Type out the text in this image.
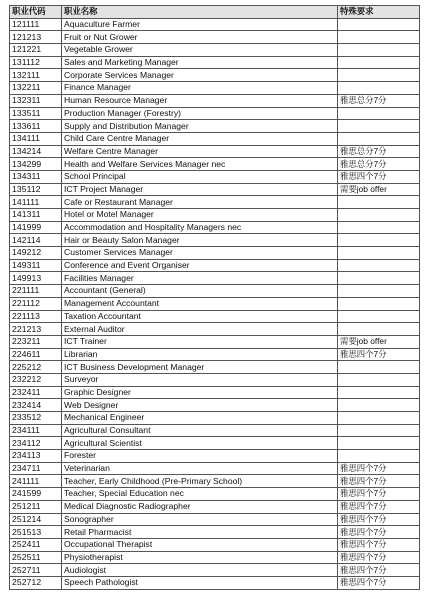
职业代码	职业名称	特殊要求
121111	Aquaculture Farmer	
121213	Fruit or Nut Grower	
121221	Vegetable Grower	
131112	Sales and Marketing Manager	
132111	Corporate Services Manager	
132211	Finance Manager	
132311	Human Resource Manager	雅思总分7分
133511	Production Manager (Forestry)	
133611	Supply and Distribution Manager	
134111	Child Care Centre Manager	
134214	Welfare Centre Manager	雅思总分7分
134299	Health and Welfare Services Manager nec	雅思总分7分
134311	School Principal	雅思四个7分
135112	ICT Project Manager	需要job offer
141111	Cafe or Restaurant Manager	
141311	Hotel or Motel Manager	
141999	Accommodation and Hospitality Managers nec	
142114	Hair or Beauty Salon Manager	
149212	Customer Services Manager	
149311	Conference and Event Organiser	
149913	Facilities Manager	
221111	Accountant (General)	
221112	Management Accountant	
221113	Taxation Accountant	
221213	External Auditor	
223211	ICT Trainer	需要job offer
224611	Librarian	雅思四个7分
225212	ICT Business Development Manager	
232212	Surveyor	
232411	Graphic Designer	
232414	Web Designer	
233512	Mechanical Engineer	
234111	Agricultural Consultant	
234112	Agricultural Scientist	
234113	Forester	
234711	Veterinarian	雅思四个7分
241111	Teacher, Early Childhood (Pre-Primary School)	雅思四个7分
241599	Teacher, Special Education nec	雅思四个7分
251211	Medical Diagnostic Radiographer	雅思四个7分
251214	Sonographer	雅思四个7分
251513	Retail Pharmacist	雅思四个7分
252411	Occupational Therapist	雅思四个7分
252511	Physiotherapist	雅思四个7分
252711	Audiologist	雅思四个7分
252712	Speech Pathologist	雅思四个7分
